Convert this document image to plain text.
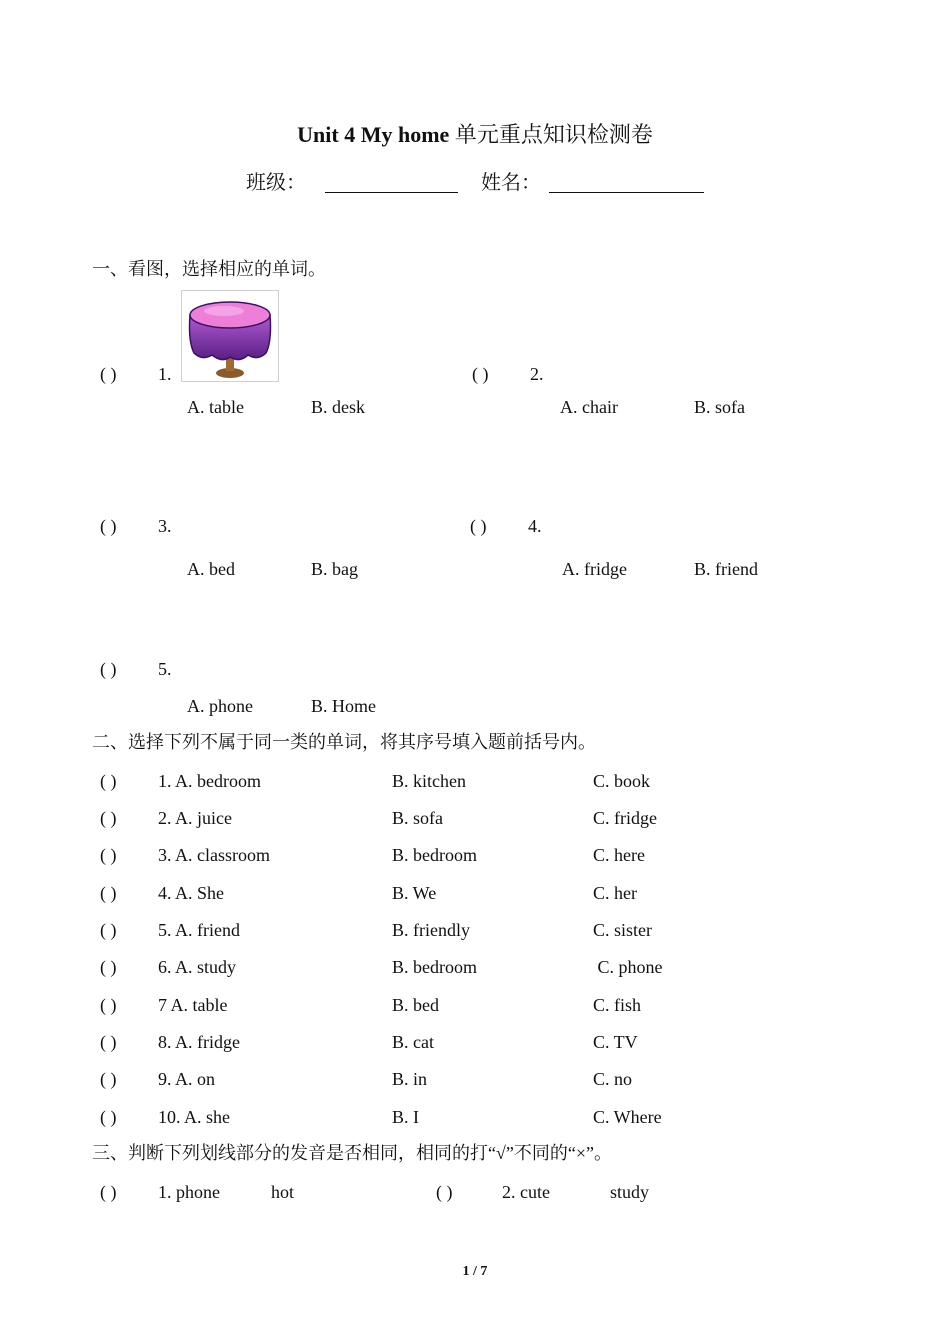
Unit 4 My home 单元重点知识检测卷
班级：	姓名：
一、看图，选择相应的单词。
( ) 1.
A. table	B. desk
( ) 2.
A. chair	B. sofa
( ) 3.
A. bed	B. bag
( ) 4.
A. fridge	B. friend
( ) 5.
A. phone	B. Home
二、选择下列不属于同一类的单词，将其序号填入题前括号内。
( ) 1. A. bedroom	B. kitchen	C. book
( ) 2. A. juice	B. sofa	C. fridge
( ) 3. A. classroom	B. bedroom	C. here
( ) 4. A. She	B. We	C. her
( ) 5. A. friend	B. friendly	C. sister
( ) 6. A. study	B. bedroom	C. phone
( ) 7 A. table	B. bed	C. fish
( ) 8. A. fridge	B. cat	C. TV
( ) 9. A. on	B. in	C. no
( ) 10. A. she	B. I	C. Where
三、判断下列划线部分的发音是否相同，相同的打“√”不同的“×”。
( ) 1. phone	hot	( )	2. cute	study
1 / 7
